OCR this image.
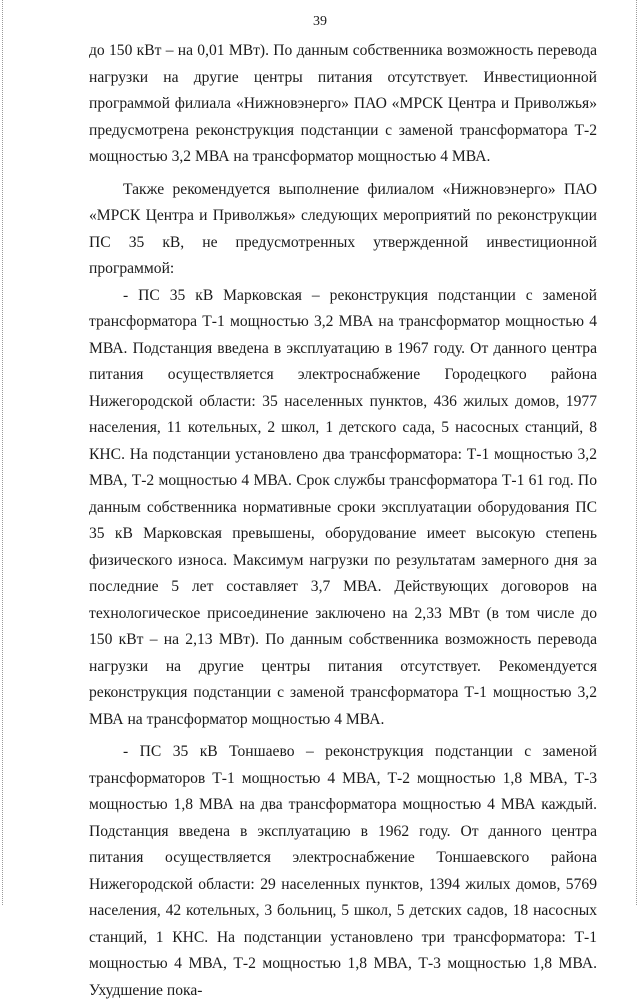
39

до 150 кВт – на 0,01 МВт). По данным собственника возможность перевода нагрузки на другие центры питания отсутствует. Инвестиционной программой филиала «Нижновэнерго» ПАО «МРСК Центра и Приволжья» предусмотрена реконструкция подстанции с заменой трансформатора Т-2 мощностью 3,2 МВА на трансформатор мощностью 4 МВА.

Также рекомендуется выполнение филиалом «Нижновэнерго» ПАО «МРСК Центра и Приволжья» следующих мероприятий по реконструкции ПС 35 кВ, не предусмотренных утвержденной инвестиционной программой:

- ПС 35 кВ Марковская – реконструкция подстанции с заменой трансформатора Т-1 мощностью 3,2 МВА на трансформатор мощностью 4 МВА. Подстанция введена в эксплуатацию в 1967 году. От данного центра питания осуществляется электроснабжение Городецкого района Нижегородской области: 35 населенных пунктов, 436 жилых домов, 1977 населения, 11 котельных, 2 школ, 1 детского сада, 5 насосных станций, 8 КНС. На подстанции установлено два трансформатора: Т-1 мощностью 3,2 МВА, Т-2 мощностью 4 МВА. Срок службы трансформатора Т-1 61 год. По данным собственника нормативные сроки эксплуатации оборудования ПС 35 кВ Марковская превышены, оборудование имеет высокую степень физического износа. Максимум нагрузки по результатам замерного дня за последние 5 лет составляет 3,7 МВА. Действующих договоров на технологическое присоединение заключено на 2,33 МВт (в том числе до 150 кВт – на 2,13 МВт). По данным собственника возможность перевода нагрузки на другие центры питания отсутствует. Рекомендуется реконструкция подстанции с заменой трансформатора Т-1 мощностью 3,2 МВА на трансформатор мощностью 4 МВА.

- ПС 35 кВ Тоншаево – реконструкция подстанции с заменой трансформаторов Т-1 мощностью 4 МВА, Т-2 мощностью 1,8 МВА, Т-3 мощностью 1,8 МВА на два трансформатора мощностью 4 МВА каждый. Подстанция введена в эксплуатацию в 1962 году. От данного центра питания осуществляется электроснабжение Тоншаевского района Нижегородской области: 29 населенных пунктов, 1394 жилых домов, 5769 населения, 42 котельных, 3 больниц, 5 школ, 5 детских садов, 18 насосных станций, 1 КНС. На подстанции установлено три трансформатора: Т-1 мощностью 4 МВА, Т-2 мощностью 1,8 МВА, Т-3 мощностью 1,8 МВА. Ухудшение пока-
